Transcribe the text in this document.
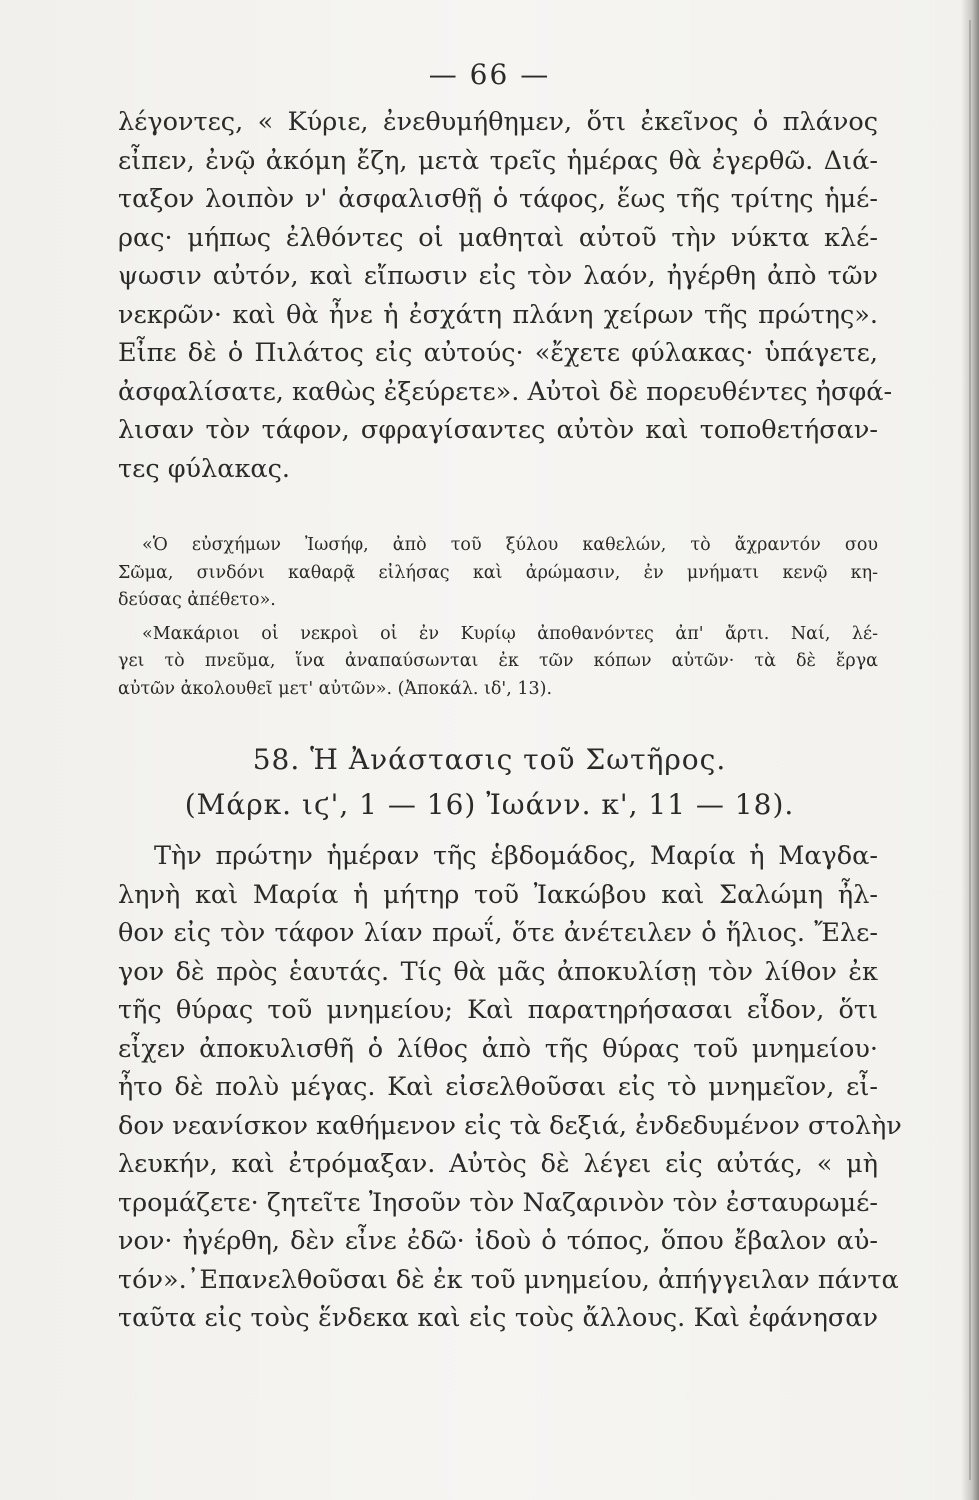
— 66 —

λέγοντες, « Κύριε, ἐνεθυμήθημεν, ὅτι ἐκεῖνος ὁ πλάνος
εἶπεν, ἐνῷ ἀκόμη ἔζη, μετὰ τρεῖς ἡμέρας θὰ ἐγερθῶ. Διά-
ταξον λοιπὸν ν' ἀσφαλισθῇ ὁ τάφος, ἕως τῆς τρίτης ἡμέ-
ρας· μήπως ἐλθόντες οἱ μαθηταὶ αὐτοῦ τὴν νύκτα κλέ-
ψωσιν αὐτόν, καὶ εἴπωσιν εἰς τὸν λαόν, ἠγέρθη ἀπὸ τῶν
νεκρῶν· καὶ θὰ ἦνε ἡ ἐσχάτη πλάνη χείρων τῆς πρώτης».
Εἶπε δὲ ὁ Πιλάτος εἰς αὐτούς· «ἔχετε φύλακας· ὑπάγετε,
ἀσφαλίσατε, καθὼς ἐξεύρετε». Αὐτοὶ δὲ πορευθέντες ἠσφά-
λισαν τὸν τάφον, σφραγίσαντες αὐτὸν καὶ τοποθετήσαν-
τες φύλακας.

«Ὁ εὐσχήμων Ἰωσήφ, ἀπὸ τοῦ ξύλου καθελών, τὸ ἄχραντόν σου
Σῶμα, σινδόνι καθαρᾷ εἰλήσας καὶ ἀρώμασιν, ἐν μνήματι κενῷ κη-
δεύσας ἀπέθετο».
«Μακάριοι οἱ νεκροὶ οἱ ἐν Κυρίῳ ἀποθανόντες ἀπ' ἄρτι. Ναί, λέ-
γει τὸ πνεῦμα, ἵνα ἀναπαύσωνται ἐκ τῶν κόπων αὐτῶν· τὰ δὲ ἔργα
αὐτῶν ἀκολουθεῖ μετ' αὐτῶν». (Ἀποκάλ. ιδ', 13).
58. Ἡ Ἀνάστασις τοῦ Σωτῆρος.
(Μάρκ. ιϛ', 1 — 16) Ἰωάνν. κ', 11 — 18).

Τὴν πρώτην ἡμέραν τῆς ἑβδομάδος, Μαρία ἡ Μαγδα-
ληνὴ καὶ Μαρία ἡ μήτηρ τοῦ Ἰακώβου καὶ Σαλώμη ἦλ-
θον εἰς τὸν τάφον λίαν πρωΐ, ὅτε ἀνέτειλεν ὁ ἥλιος. Ἔλε-
γον δὲ πρὸς ἑαυτάς. Τίς θὰ μᾶς ἀποκυλίσῃ τὸν λίθον ἐκ
τῆς θύρας τοῦ μνημείου; Καὶ παρατηρήσασαι εἶδον, ὅτι
εἶχεν ἀποκυλισθῆ ὁ λίθος ἀπὸ τῆς θύρας τοῦ μνημείου·
ἦτο δὲ πολὺ μέγας. Καὶ εἰσελθοῦσαι εἰς τὸ μνημεῖον, εἶ-
δον νεανίσκον καθήμενον εἰς τὰ δεξιά, ἐνδεδυμένον στολὴν
λευκήν, καὶ ἐτρόμαξαν. Αὐτὸς δὲ λέγει εἰς αὐτάς, « μὴ
τρομάζετε· ζητεῖτε Ἰησοῦν τὸν Ναζαρινὸν τὸν ἐσταυρωμέ-
νον· ἠγέρθη, δὲν εἶνε ἐδῶ· ἰδοὺ ὁ τόπος, ὅπου ἔβαλον αὐ-
τόν».᾿Επανελθοῦσαι δὲ ἐκ τοῦ μνημείου, ἀπήγγειλαν πάντα
ταῦτα εἰς τοὺς ἕνδεκα καὶ εἰς τοὺς ἄλλους. Καὶ ἐφάνησαν
